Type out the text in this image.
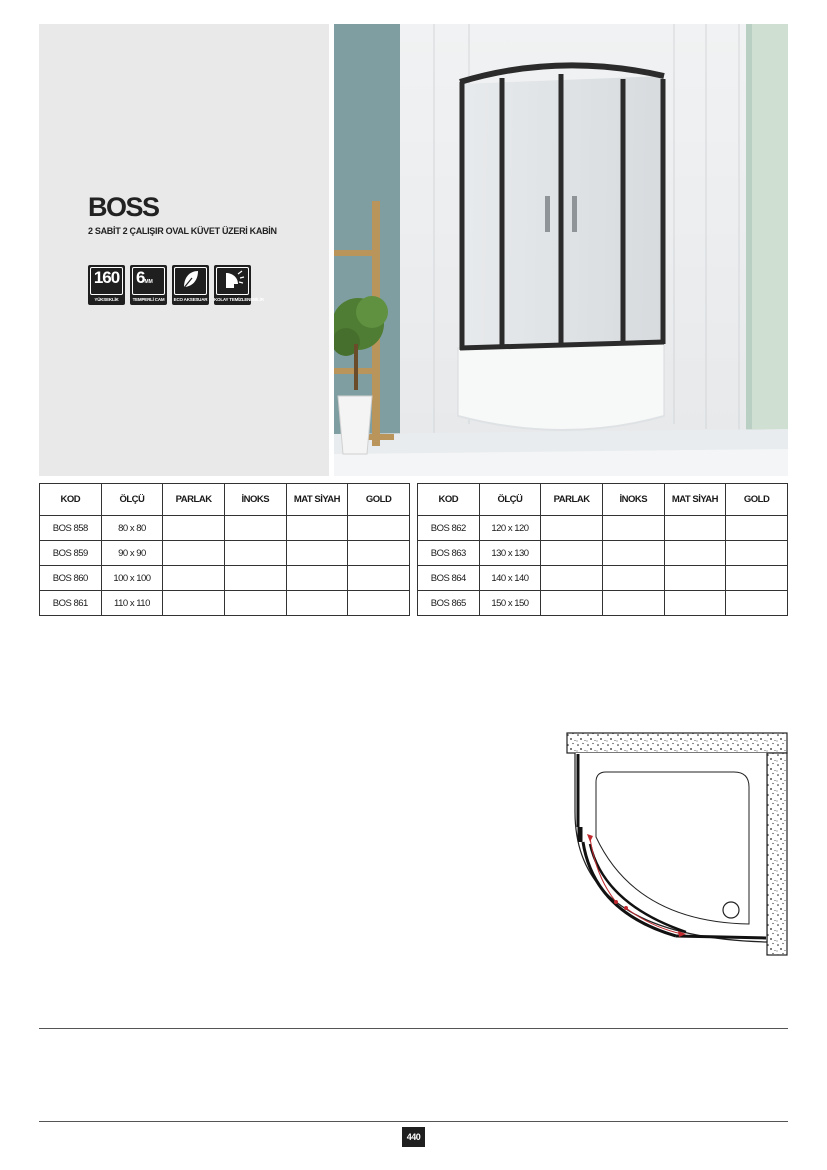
BOSS
2 SABİT 2 ÇALIŞIR OVAL KÜVET ÜZERİ KABİN
160
YÜKSEKLİK
6MM
TEMPERLİ CAM	ECO AKSESUAR	KOLAY TEMİZLENEBİLİR
KOD	ÖLÇÜ	PARLAK	İNOKS	MAT SİYAH	GOLD
BOS 858	80 x 80				
BOS 859	90 x 90				
BOS 860	100 x 100				
BOS 861	110 x 110				
KOD	ÖLÇÜ	PARLAK	İNOKS	MAT SİYAH	GOLD
BOS 862	120 x 120				
BOS 863	130 x 130				
BOS 864	140 x 140				
BOS 865	150 x 150				
440
